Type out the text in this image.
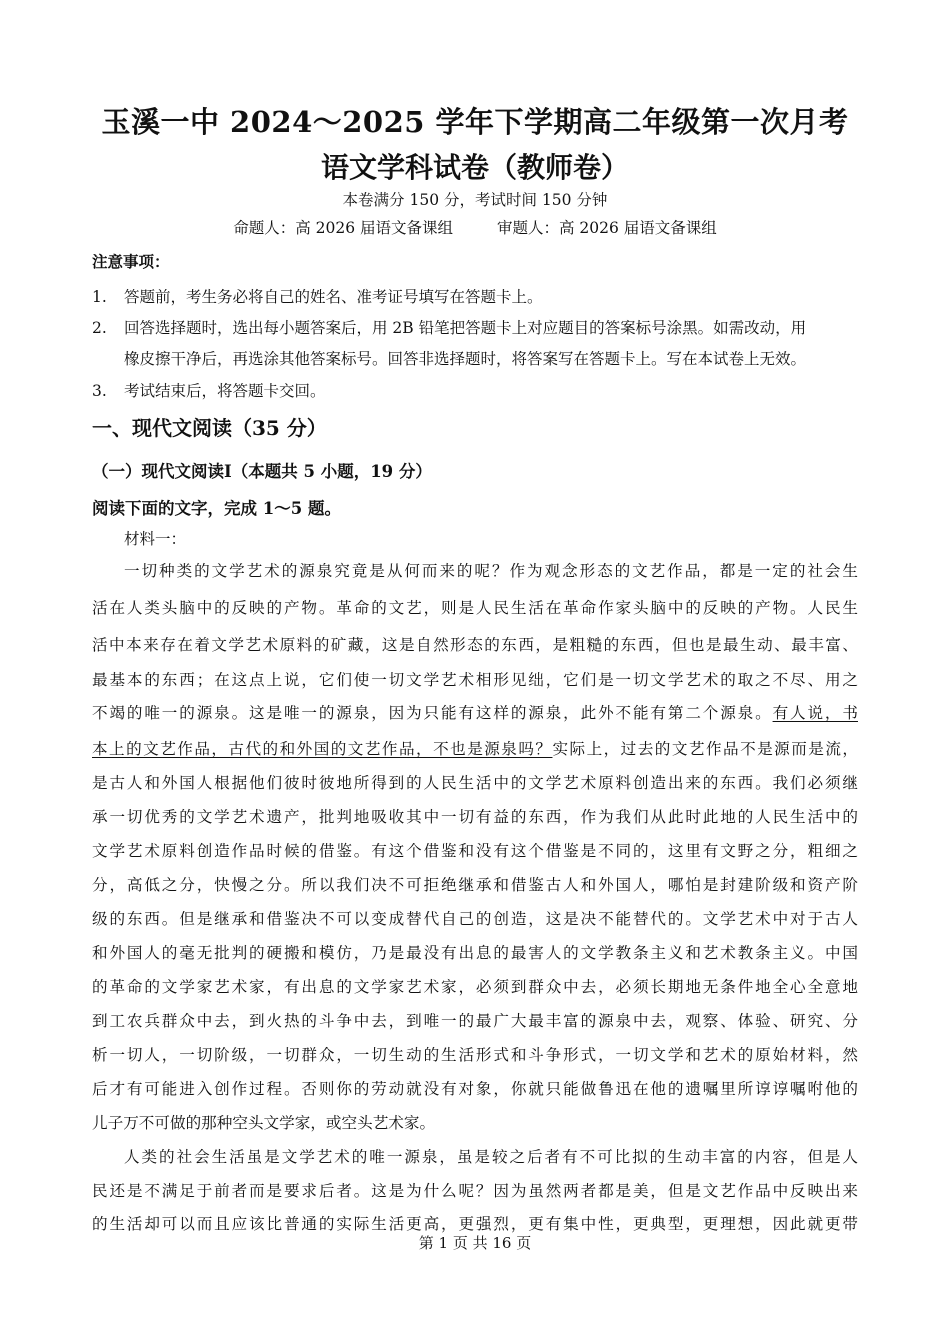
玉溪一中 2024～2025 学年下学期高二年级第一次月考
语文学科试卷（教师卷）
本卷满分 150 分，考试时间 150 分钟
命题人：高 2026 届语文备课组	审题人：高 2026 届语文备课组
注意事项：
1. 答题前，考生务必将自己的姓名、准考证号填写在答题卡上。
2. 回答选择题时，选出每小题答案后，用 2B 铅笔把答题卡上对应题目的答案标号涂黑。如需改动，用
橡皮擦干净后，再选涂其他答案标号。回答非选择题时，将答案写在答题卡上。写在本试卷上无效。
3. 考试结束后，将答题卡交回。
一、现代文阅读（35 分）
（一）现代文阅读Ⅰ（本题共 5 小题，19 分）
阅读下面的文字，完成 1～5 题。
材料一：
一切种类的文学艺术的源泉究竟是从何而来的呢？作为观念形态的文艺作品，都是一定的社会生
活在人类头脑中的反映的产物。革命的文艺，则是人民生活在革命作家头脑中的反映的产物。人民生
活中本来存在着文学艺术原料的矿藏，这是自然形态的东西，是粗糙的东西，但也是最生动、最丰富、
最基本的东西；在这点上说，它们使一切文学艺术相形见绌，它们是一切文学艺术的取之不尽、用之
不竭的唯一的源泉。这是唯一的源泉，因为只能有这样的源泉，此外不能有第二个源泉。有人说，书
本上的文艺作品，古代的和外国的文艺作品，不也是源泉吗？实际上，过去的文艺作品不是源而是流，
是古人和外国人根据他们彼时彼地所得到的人民生活中的文学艺术原料创造出来的东西。我们必须继
承一切优秀的文学艺术遗产，批判地吸收其中一切有益的东西，作为我们从此时此地的人民生活中的
文学艺术原料创造作品时候的借鉴。有这个借鉴和没有这个借鉴是不同的，这里有文野之分，粗细之
分，高低之分，快慢之分。所以我们决不可拒绝继承和借鉴古人和外国人，哪怕是封建阶级和资产阶
级的东西。但是继承和借鉴决不可以变成替代自己的创造，这是决不能替代的。文学艺术中对于古人
和外国人的毫无批判的硬搬和模仿，乃是最没有出息的最害人的文学教条主义和艺术教条主义。中国
的革命的文学家艺术家，有出息的文学家艺术家，必须到群众中去，必须长期地无条件地全心全意地
到工农兵群众中去，到火热的斗争中去，到唯一的最广大最丰富的源泉中去，观察、体验、研究、分
析一切人，一切阶级，一切群众，一切生动的生活形式和斗争形式，一切文学和艺术的原始材料，然
后才有可能进入创作过程。否则你的劳动就没有对象，你就只能做鲁迅在他的遗嘱里所谆谆嘱咐他的
儿子万不可做的那种空头文学家，或空头艺术家。
人类的社会生活虽是文学艺术的唯一源泉，虽是较之后者有不可比拟的生动丰富的内容，但是人
民还是不满足于前者而是要求后者。这是为什么呢？因为虽然两者都是美，但是文艺作品中反映出来
的生活却可以而且应该比普通的实际生活更高，更强烈，更有集中性，更典型，更理想，因此就更带
第 1 页 共 16 页
